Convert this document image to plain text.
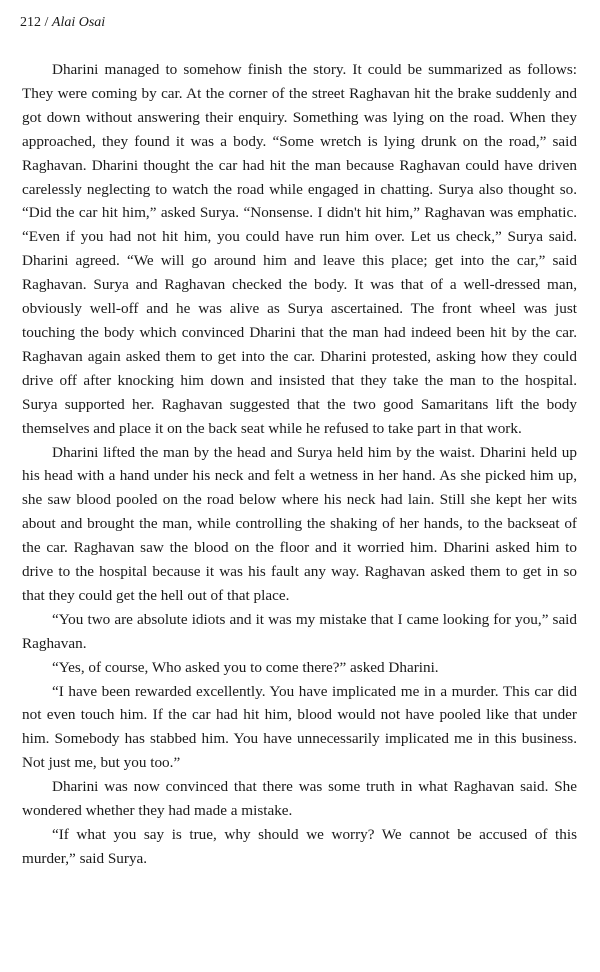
212 / Alai Osai

Dharini managed to somehow finish the story. It could be summarized as follows: They were coming by car. At the corner of the street Raghavan hit the brake suddenly and got down without answering their enquiry. Something was lying on the road. When they approached, they found it was a body. “Some wretch is lying drunk on the road,” said Raghavan. Dharini thought the car had hit the man because Raghavan could have driven carelessly neglecting to watch the road while engaged in chatting. Surya also thought so. “Did the car hit him,” asked Surya. “Nonsense. I didn't hit him,” Raghavan was emphatic. “Even if you had not hit him, you could have run him over. Let us check,” Surya said. Dharini agreed. “We will go around him and leave this place; get into the car,” said Raghavan. Surya and Raghavan checked the body. It was that of a well-dressed man, obviously well-off and he was alive as Surya ascertained. The front wheel was just touching the body which convinced Dharini that the man had indeed been hit by the car. Raghavan again asked them to get into the car. Dharini protested, asking how they could drive off after knocking him down and insisted that they take the man to the hospital. Surya supported her. Raghavan suggested that the two good Samaritans lift the body themselves and place it on the back seat while he refused to take part in that work.

Dharini lifted the man by the head and Surya held him by the waist. Dharini held up his head with a hand under his neck and felt a wetness in her hand. As she picked him up, she saw blood pooled on the road below where his neck had lain. Still she kept her wits about and brought the man, while controlling the shaking of her hands, to the backseat of the car. Raghavan saw the blood on the floor and it worried him. Dharini asked him to drive to the hospital because it was his fault any way. Raghavan asked them to get in so that they could get the hell out of that place.

“You two are absolute idiots and it was my mistake that I came looking for you,” said Raghavan.

“Yes, of course, Who asked you to come there?” asked Dharini.

“I have been rewarded excellently. You have implicated me in a murder. This car did not even touch him. If the car had hit him, blood would not have pooled like that under him. Somebody has stabbed him. You have unnecessarily implicated me in this business. Not just me, but you too.”

Dharini was now convinced that there was some truth in what Raghavan said. She wondered whether they had made a mistake.

“If what you say is true, why should we worry? We cannot be accused of this murder,” said Surya.
